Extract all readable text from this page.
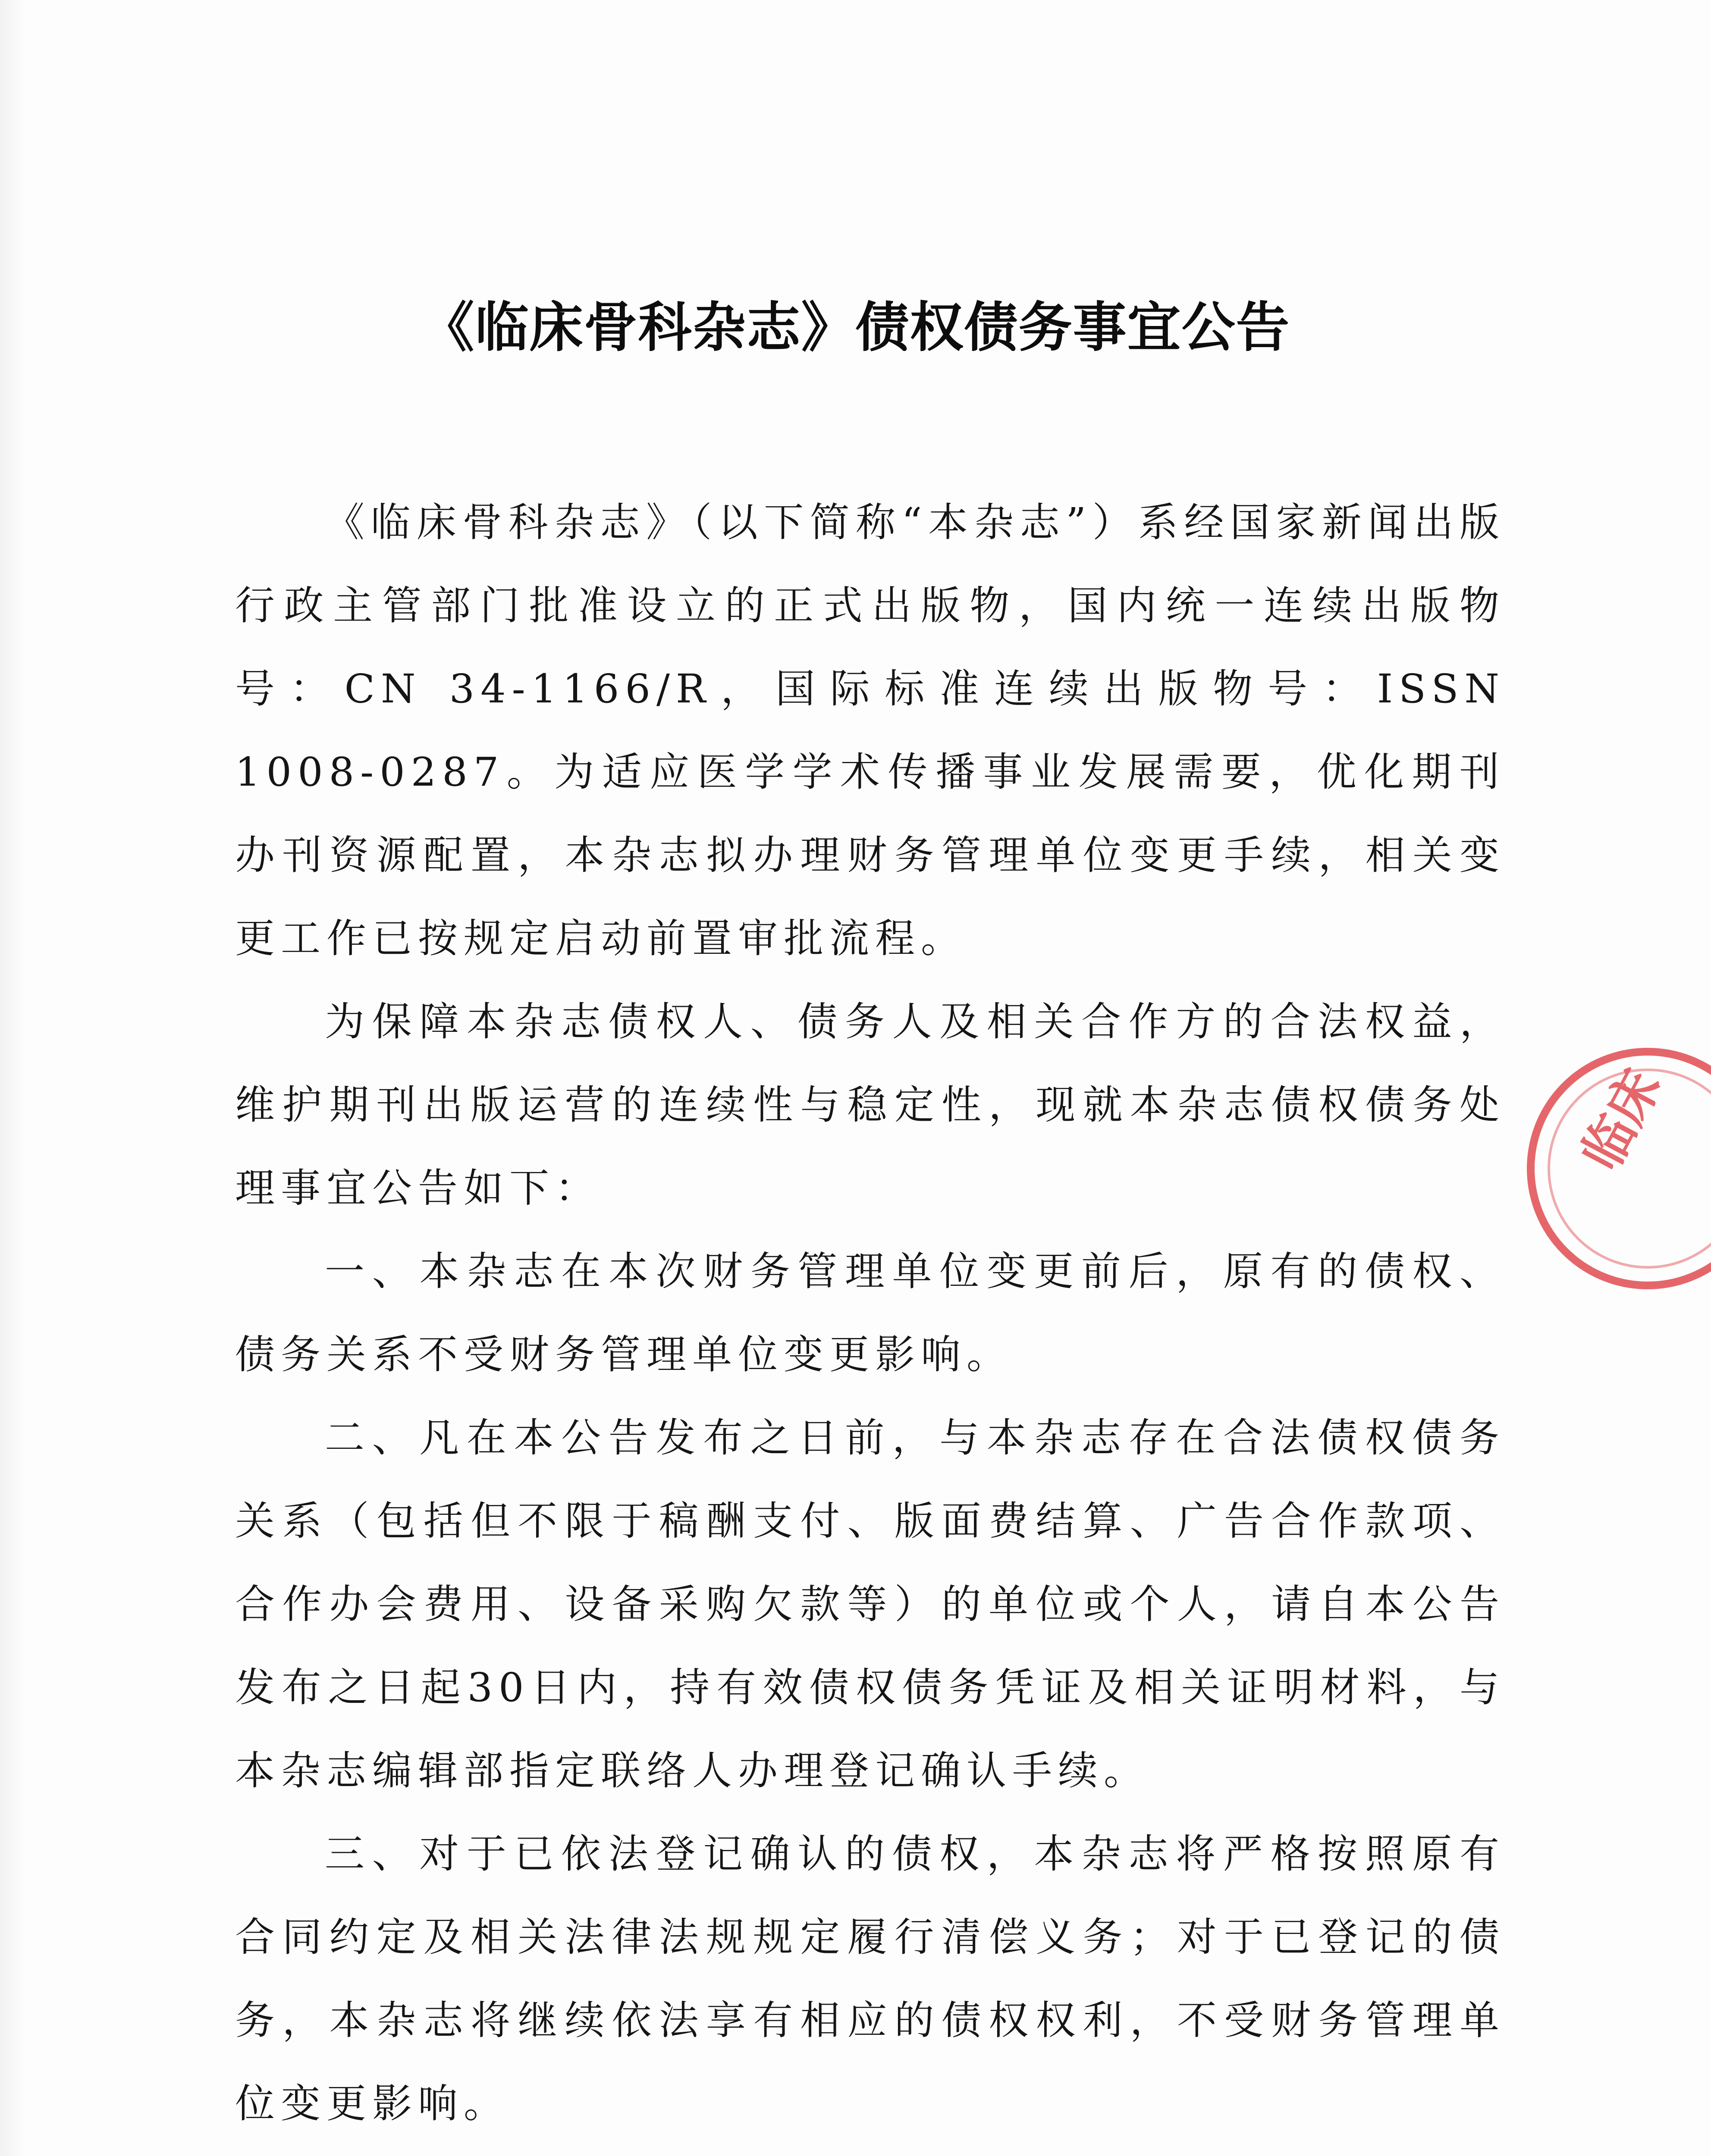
《临床骨科杂志》债权债务事宜公告

《临床骨科杂志》（以下简称“本杂志”）系经国家新闻出版行政主管部门批准设立的正式出版物，国内统一连续出版物号：CN 34-1166/R，国际标准连续出版物号：ISSN 1008-0287。为适应医学学术传播事业发展需要，优化期刊办刊资源配置，本杂志拟办理财务管理单位变更手续，相关变更工作已按规定启动前置审批流程。

为保障本杂志债权人、债务人及相关合作方的合法权益，维护期刊出版运营的连续性与稳定性，现就本杂志债权债务处理事宜公告如下：

一、本杂志在本次财务管理单位变更前后，原有的债权、债务关系不受财务管理单位变更影响。

二、凡在本公告发布之日前，与本杂志存在合法债权债务关系（包括但不限于稿酬支付、版面费结算、广告合作款项、合作办会费用、设备采购欠款等）的单位或个人，请自本公告发布之日起30日内，持有效债权债务凭证及相关证明材料，与本杂志编辑部指定联络人办理登记确认手续。

三、对于已依法登记确认的债权，本杂志将严格按照原有合同约定及相关法律法规规定履行清偿义务；对于已登记的债务，本杂志将继续依法享有相应的债权权利，不受财务管理单位变更影响。

临床
